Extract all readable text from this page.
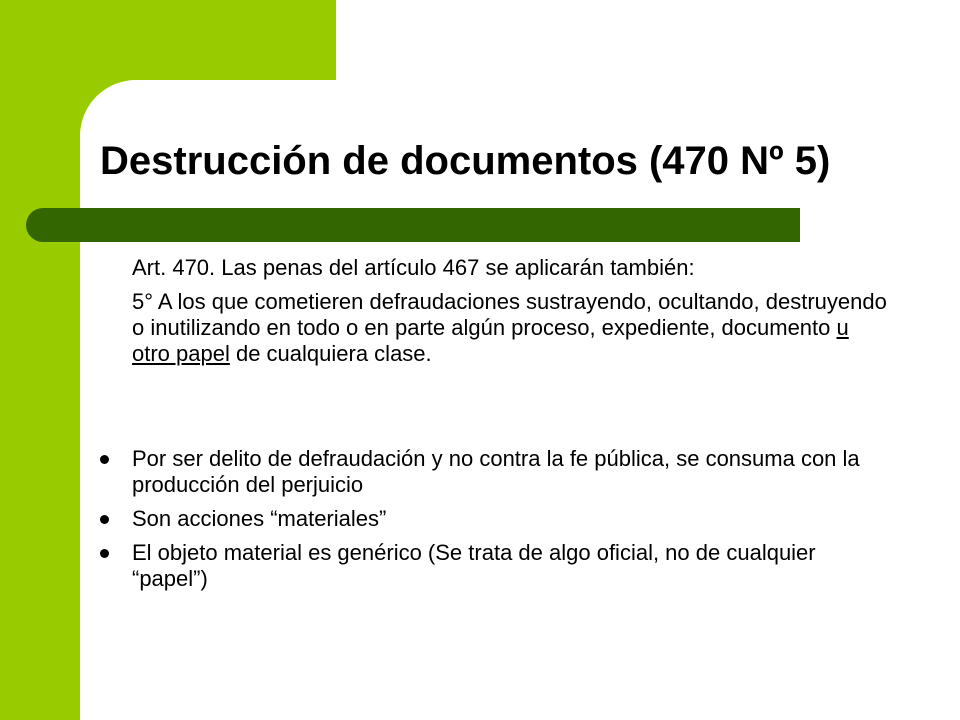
Destrucción de documentos (470 Nº 5)

Art. 470. Las penas del artículo 467 se aplicarán también:

5° A los que cometieren defraudaciones sustrayendo, ocultando, destruyendo o inutilizando en todo o en parte algún proceso, expediente, documento u otro papel de cualquiera clase.

Por ser delito de defraudación y no contra la fe pública, se consuma con la producción del perjuicio
Son acciones “materiales”
El objeto material es genérico (Se trata de algo oficial, no de cualquier “papel”)
